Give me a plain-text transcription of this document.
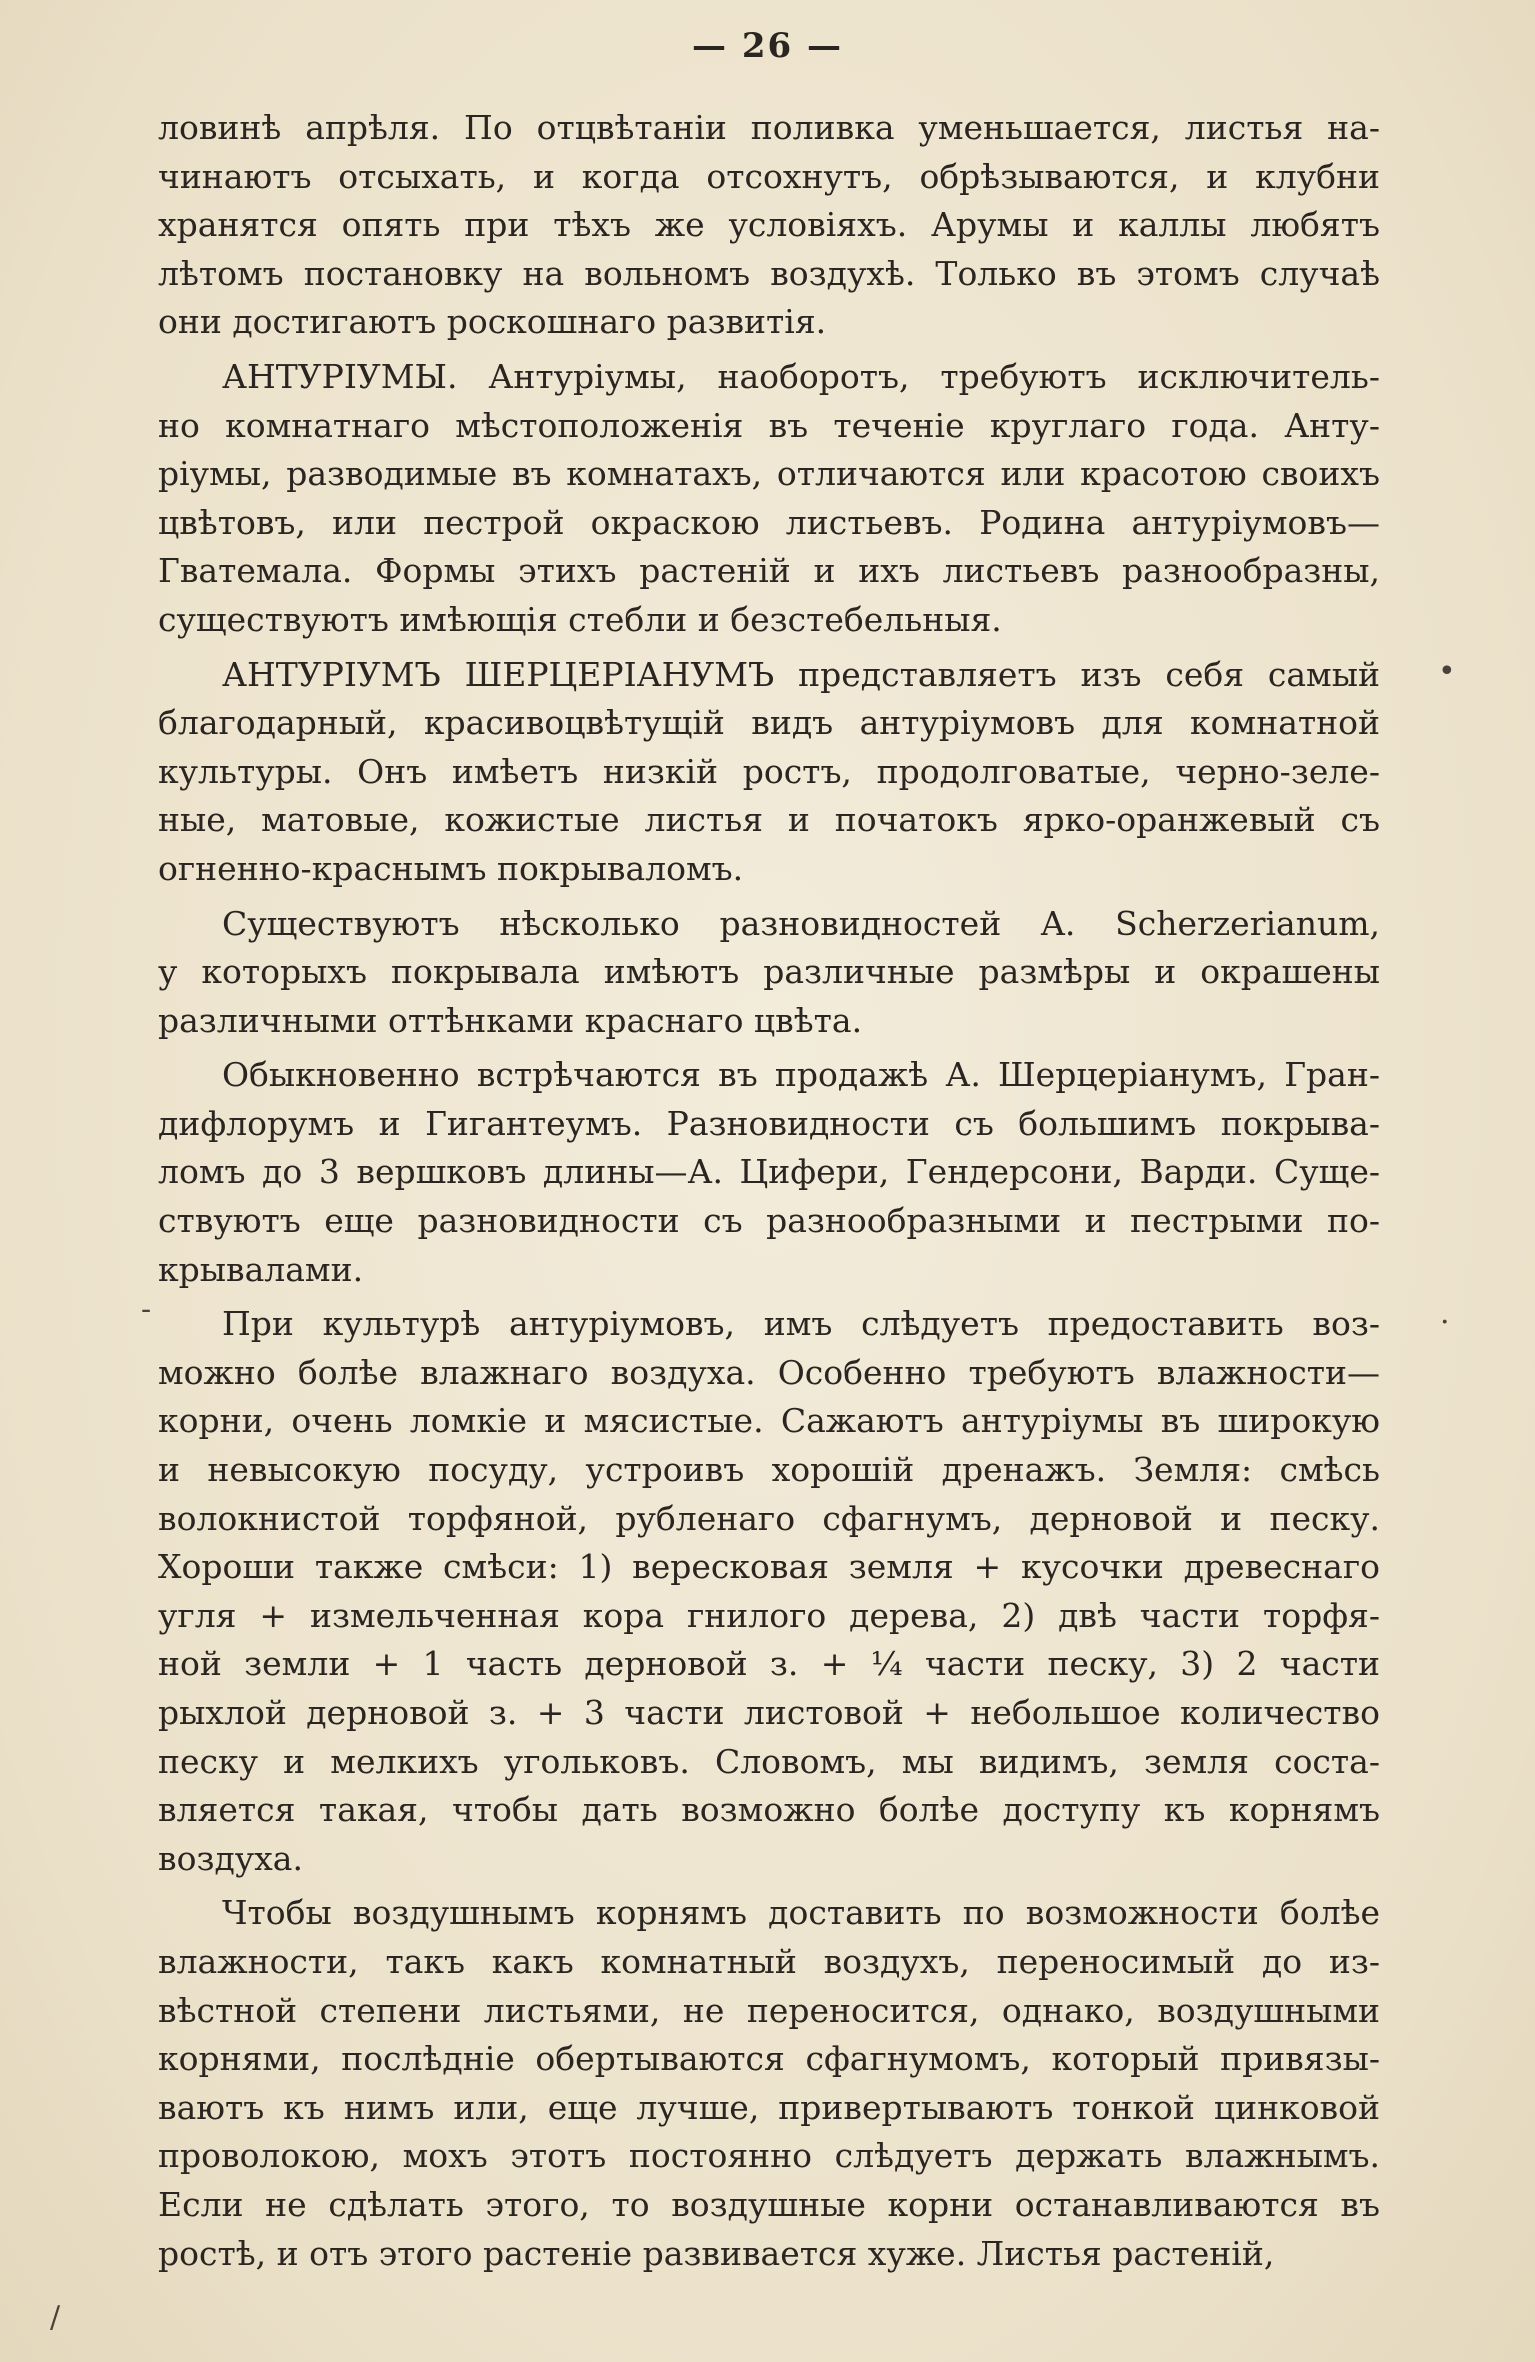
— 26 —
ловинѣ апрѣля. По отцвѣтаніи поливка уменьшается, листья на-
чинаютъ отсыхать, и когда отсохнутъ, обрѣзываются, и клубни
хранятся опять при тѣхъ же условіяхъ. Арумы и каллы любятъ
лѣтомъ постановку на вольномъ воздухѣ. Только въ этомъ случаѣ
они достигаютъ роскошнаго развитія.
АНТУРІУМЫ. Антуріумы, наоборотъ, требуютъ исключитель-
но комнатнаго мѣстоположенія въ теченіе круглаго года. Анту-
ріумы, разводимые въ комнатахъ, отличаются или красотою своихъ
цвѣтовъ, или пестрой окраскою листьевъ. Родина антуріумовъ—
Гватемала. Формы этихъ растеній и ихъ листьевъ разнообразны,
существуютъ имѣющія стебли и безстебельныя.
АНТУРІУМЪ ШЕРЦЕРІАНУМЪ представляетъ изъ себя самый
благодарный, красивоцвѣтущій видъ антуріумовъ для комнатной
культуры. Онъ имѣетъ низкій ростъ, продолговатые, черно-зеле-
ные, матовые, кожистые листья и початокъ ярко-оранжевый съ
огненно-краснымъ покрываломъ.
Существуютъ нѣсколько разновидностей A. Scherzerianum,
у которыхъ покрывала имѣютъ различные размѣры и окрашены
различными оттѣнками краснаго цвѣта.
Обыкновенно встрѣчаются въ продажѣ А. Шерцеріанумъ, Гран-
дифлорумъ и Гигантеумъ. Разновидности съ большимъ покрыва-
ломъ до 3 вершковъ длины—А. Цифери, Гендерсони, Варди. Суще-
ствуютъ еще разновидности съ разнообразными и пестрыми по-
крывалами.
При культурѣ антуріумовъ, имъ слѣдуетъ предоставить воз-
можно болѣе влажнаго воздуха. Особенно требуютъ влажности—
корни, очень ломкіе и мясистые. Сажаютъ антуріумы въ широкую
и невысокую посуду, устроивъ хорошій дренажъ. Земля: смѣсь
волокнистой торфяной, рубленаго сфагнумъ, дерновой и песку.
Хороши также смѣси: 1) вересковая земля + кусочки древеснаго
угля + измельченная кора гнилого дерева, 2) двѣ части торфя-
ной земли + 1 часть дерновой з. + ¼ части песку, 3) 2 части
рыхлой дерновой з. + 3 части листовой + небольшое количество
песку и мелкихъ угольковъ. Словомъ, мы видимъ, земля соста-
вляется такая, чтобы дать возможно болѣе доступу къ корнямъ
воздуха.
Чтобы воздушнымъ корнямъ доставить по возможности болѣе
влажности, такъ какъ комнатный воздухъ, переносимый до из-
вѣстной степени листьями, не переносится, однако, воздушными
корнями, послѣдніе обертываются сфагнумомъ, который привязы-
ваютъ къ нимъ или, еще лучше, привертываютъ тонкой цинковой
проволокою, мохъ этотъ постоянно слѣдуетъ держать влажнымъ.
Если не сдѣлать этого, то воздушные корни останавливаются въ
ростѣ, и отъ этого растеніе развивается хуже. Листья растеній,
•
-	·
/
